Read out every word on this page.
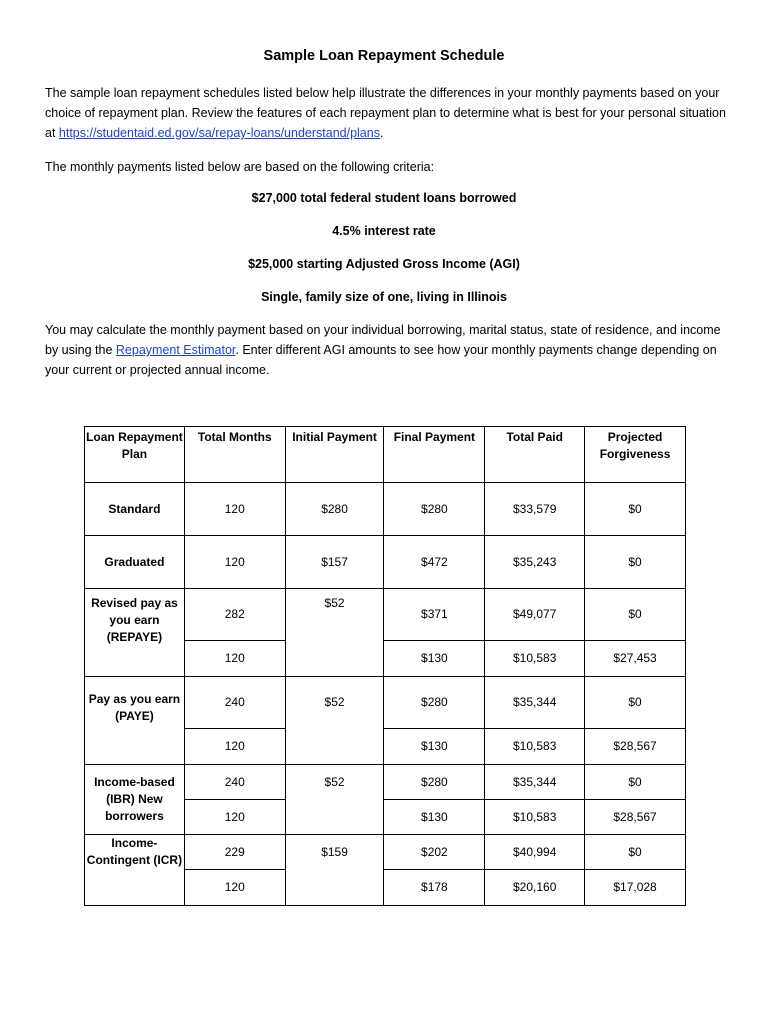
Sample Loan Repayment Schedule
The sample loan repayment schedules listed below help illustrate the differences in your monthly payments based on your choice of repayment plan. Review the features of each repayment plan to determine what is best for your personal situation at https://studentaid.ed.gov/sa/repay-loans/understand/plans.
The monthly payments listed below are based on the following criteria:
$27,000 total federal student loans borrowed
4.5% interest rate
$25,000 starting Adjusted Gross Income (AGI)
Single, family size of one, living in Illinois
You may calculate the monthly payment based on your individual borrowing, marital status, state of residence, and income by using the Repayment Estimator. Enter different AGI amounts to see how your monthly payments change depending on your current or projected annual income.
Loan Repayment Plan	Total Months	Initial Payment	Final Payment	Total Paid	Projected Forgiveness
Standard	120	$280	$280	$33,579	$0
Graduated	120	$157	$472	$35,243	$0
Revised pay as you earn (REPAYE)	282	$52	$371	$49,077	$0
	120		$130	$10,583	$27,453
Pay as you earn (PAYE)	240	$52	$280	$35,344	$0
	120		$130	$10,583	$28,567
Income-based (IBR) New borrowers	240	$52	$280	$35,344	$0
	120		$130	$10,583	$28,567
Income-Contingent (ICR)	229	$159	$202	$40,994	$0
	120		$178	$20,160	$17,028
